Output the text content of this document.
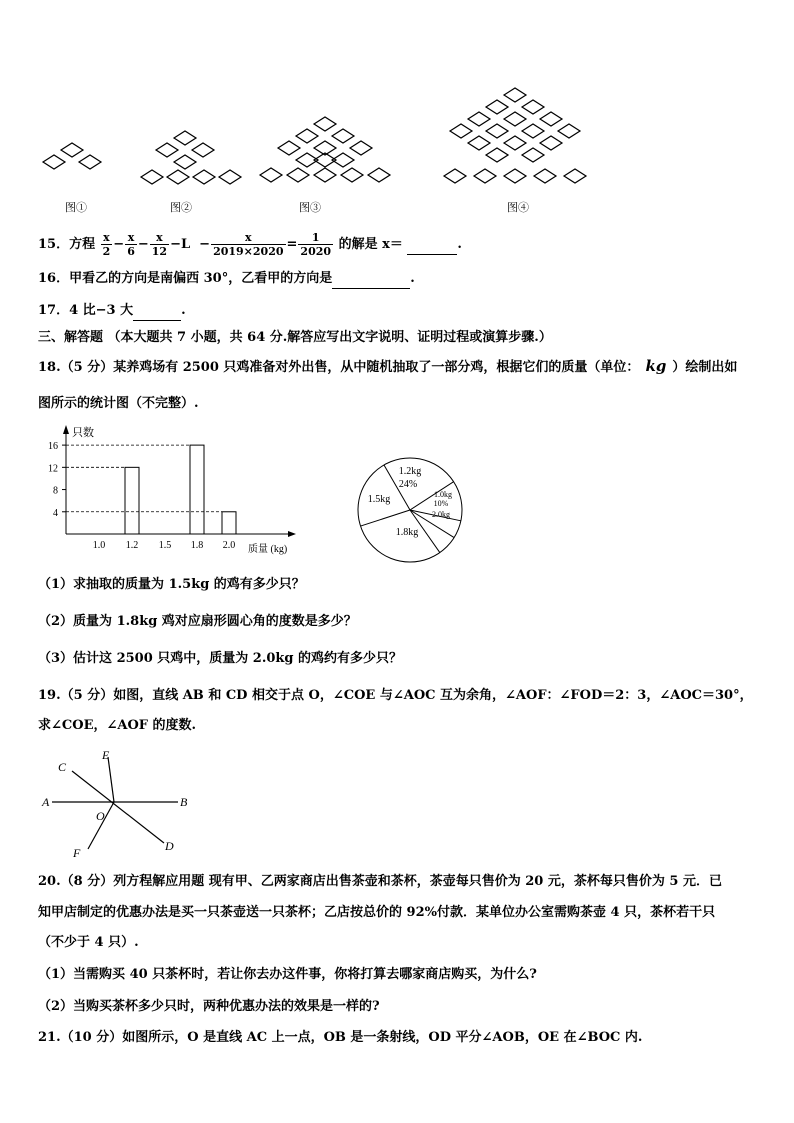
图①	图②	图③	图④
15．方程 $\frac{x}{2} - \frac{x}{6} - \frac{x}{12} -L - \frac{x}{2019\times 2020} = \frac{1}{2020}$ 的解是 x＝	.
16．甲看乙的方向是南偏西 30°，乙看甲的方向是	.
17．4 比−3 大	.
三、解答题 （本大题共 7 小题，共 64 分.解答应写出文字说明、证明过程或演算步骤.）
18.（5 分）某养鸡场有 2500 只鸡准备对外出售，从中随机抽取了一部分鸡，根据它们的质量（单位： kg ）绘制出如
图所示的统计图（不完整）.
只数
质量 (kg)
4
8
12
16
1.0 1.2 1.5 1.8 2.0
1.2kg
24%
1.0kg
10%
2.0kg
1.8kg
1.5kg
（1）求抽取的质量为 1.5kg 的鸡有多少只？
（2）质量为 1.8kg 鸡对应扇形圆心角的度数是多少？
（3）估计这 2500 只鸡中，质量为 2.0kg 的鸡约有多少只？
19.（5 分）如图，直线 AB 和 CD 相交于点 O，∠COE 与∠AOC 互为余角，∠AOF：∠FOD＝2：3，∠AOC＝30°，
求∠COE，∠AOF 的度数.
A	B
C
D
E
F
O
20.（8 分）列方程解应用题 现有甲、乙两家商店出售茶壶和茶杯，茶壶每只售价为 20 元，茶杯每只售价为 5 元．已
知甲店制定的优惠办法是买一只茶壶送一只茶杯；乙店按总价的 92%付款．某单位办公室需购茶壶 4 只，茶杯若干只
（不少于 4 只）.
（1）当需购买 40 只茶杯时，若让你去办这件事，你将打算去哪家商店购买，为什么?
（2）当购买茶杯多少只时，两种优惠办法的效果是一样的?
21.（10 分）如图所示，O 是直线 AC 上一点，OB 是一条射线，OD 平分∠AOB，OE 在∠BOC 内.
